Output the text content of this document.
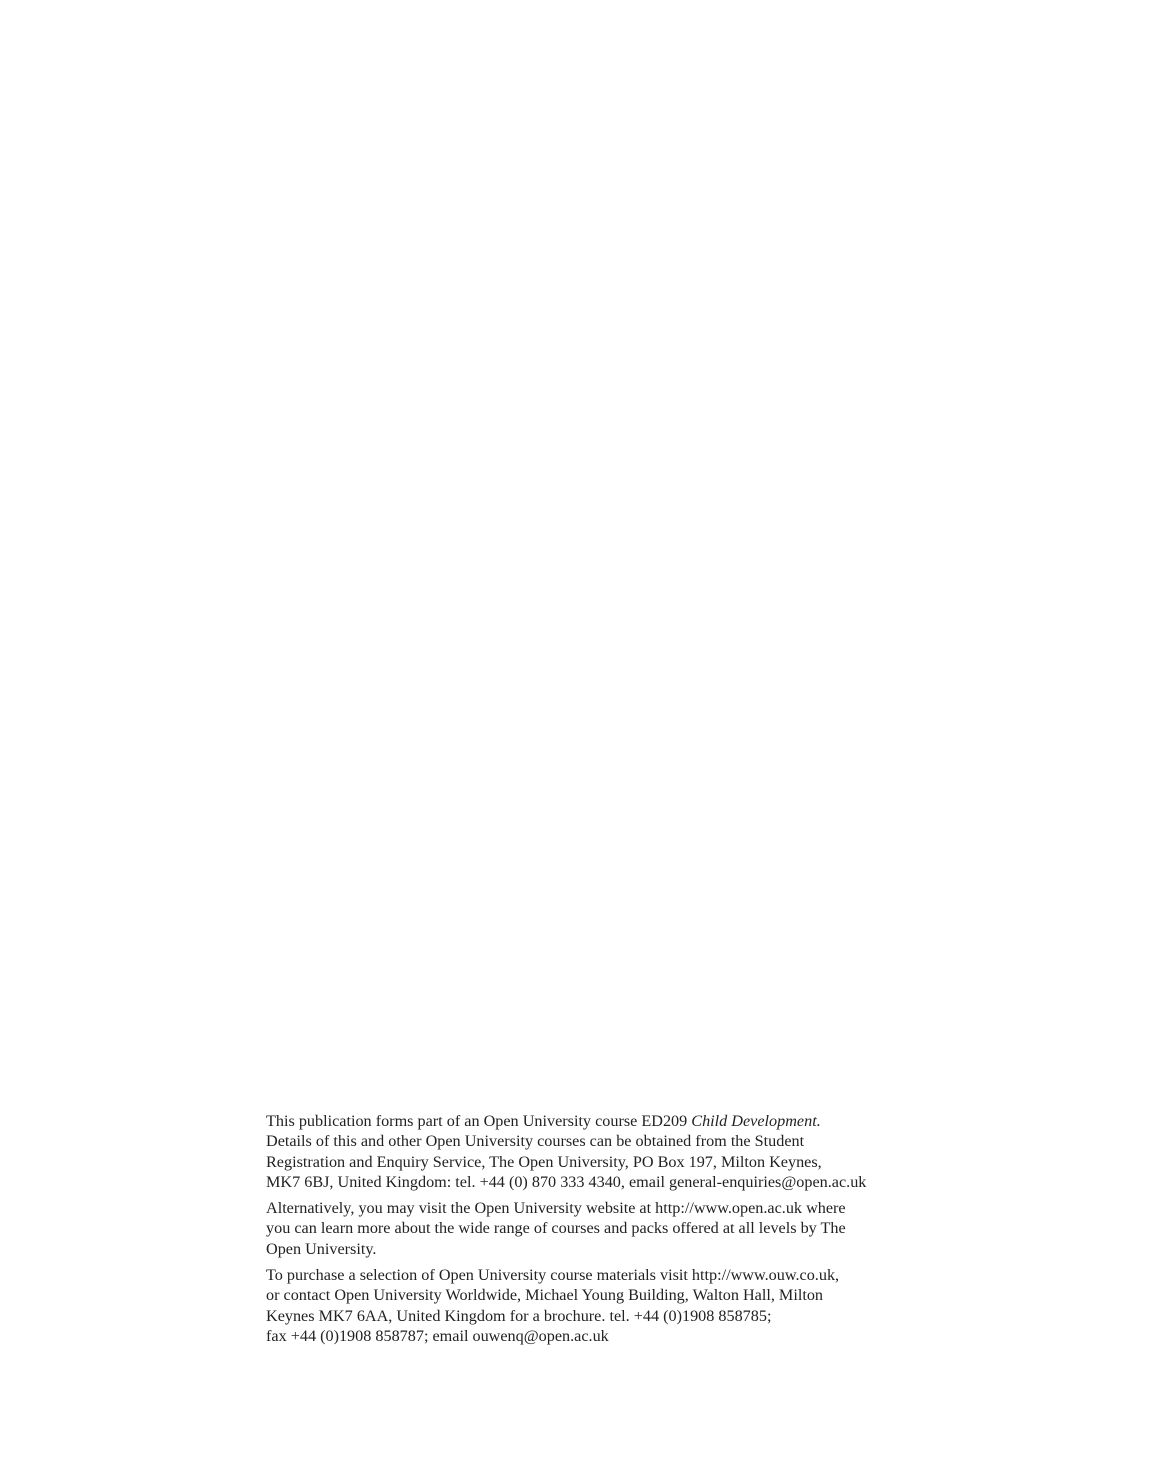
This publication forms part of an Open University course ED209 Child Development.
Details of this and other Open University courses can be obtained from the Student
Registration and Enquiry Service, The Open University, PO Box 197, Milton Keynes,
MK7 6BJ, United Kingdom: tel. +44 (0) 870 333 4340, email general-enquiries@open.ac.uk

Alternatively, you may visit the Open University website at http://www.open.ac.uk where
you can learn more about the wide range of courses and packs offered at all levels by The
Open University.

To purchase a selection of Open University course materials visit http://www.ouw.co.uk,
or contact Open University Worldwide, Michael Young Building, Walton Hall, Milton
Keynes MK7 6AA, United Kingdom for a brochure. tel. +44 (0)1908 858785;
fax +44 (0)1908 858787; email ouwenq@open.ac.uk
